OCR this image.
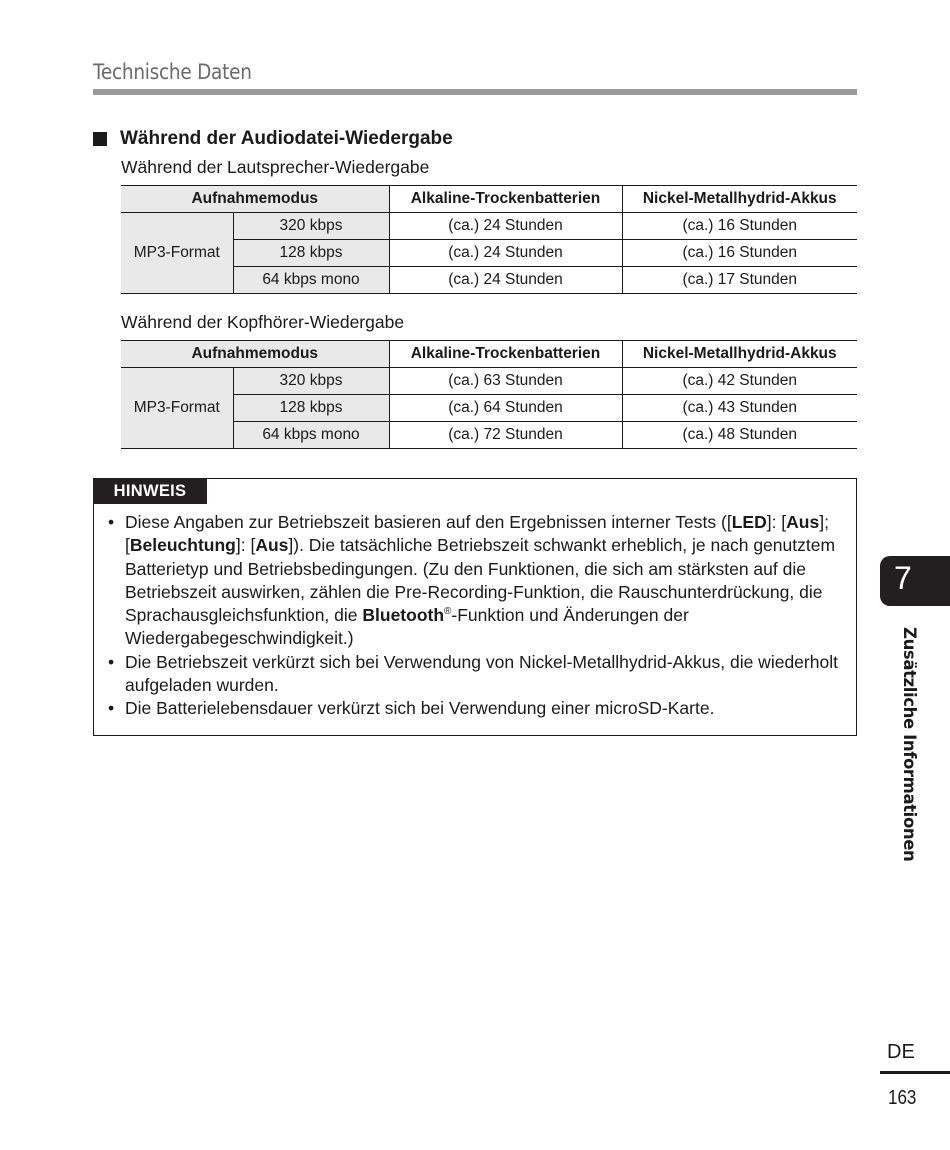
Technische Daten
Während der Audiodatei-Wiedergabe
Während der Lautsprecher-Wiedergabe
Aufnahmemodus		Alkaline-Trockenbatterien	Nickel-Metallhydrid-Akkus
MP3-Format	320 kbps	(ca.) 24 Stunden	(ca.) 16 Stunden
	128 kbps	(ca.) 24 Stunden	(ca.) 16 Stunden
	64 kbps mono	(ca.) 24 Stunden	(ca.) 17 Stunden
Während der Kopfhörer-Wiedergabe
Aufnahmemodus		Alkaline-Trockenbatterien	Nickel-Metallhydrid-Akkus
MP3-Format	320 kbps	(ca.) 63 Stunden	(ca.) 42 Stunden
	128 kbps	(ca.) 64 Stunden	(ca.) 43 Stunden
	64 kbps mono	(ca.) 72 Stunden	(ca.) 48 Stunden
HINWEIS
• Diese Angaben zur Betriebszeit basieren auf den Ergebnissen interner Tests ([LED]: [Aus]; [Beleuchtung]: [Aus]). Die tatsächliche Betriebszeit schwankt erheblich, je nach genutztem Batterietyp und Betriebsbedingungen. (Zu den Funktionen, die sich am stärksten auf die Betriebszeit auswirken, zählen die Pre-Recording-Funktion, die Rauschunterdrückung, die Sprachausgleichsfunktion, die Bluetooth®-Funktion und Änderungen der Wiedergabegeschwindigkeit.)
• Die Betriebszeit verkürzt sich bei Verwendung von Nickel-Metallhydrid-Akkus, die wiederholt aufgeladen wurden.
• Die Batterielebensdauer verkürzt sich bei Verwendung einer microSD-Karte.
7
Zusätzliche Informationen
DE
163
